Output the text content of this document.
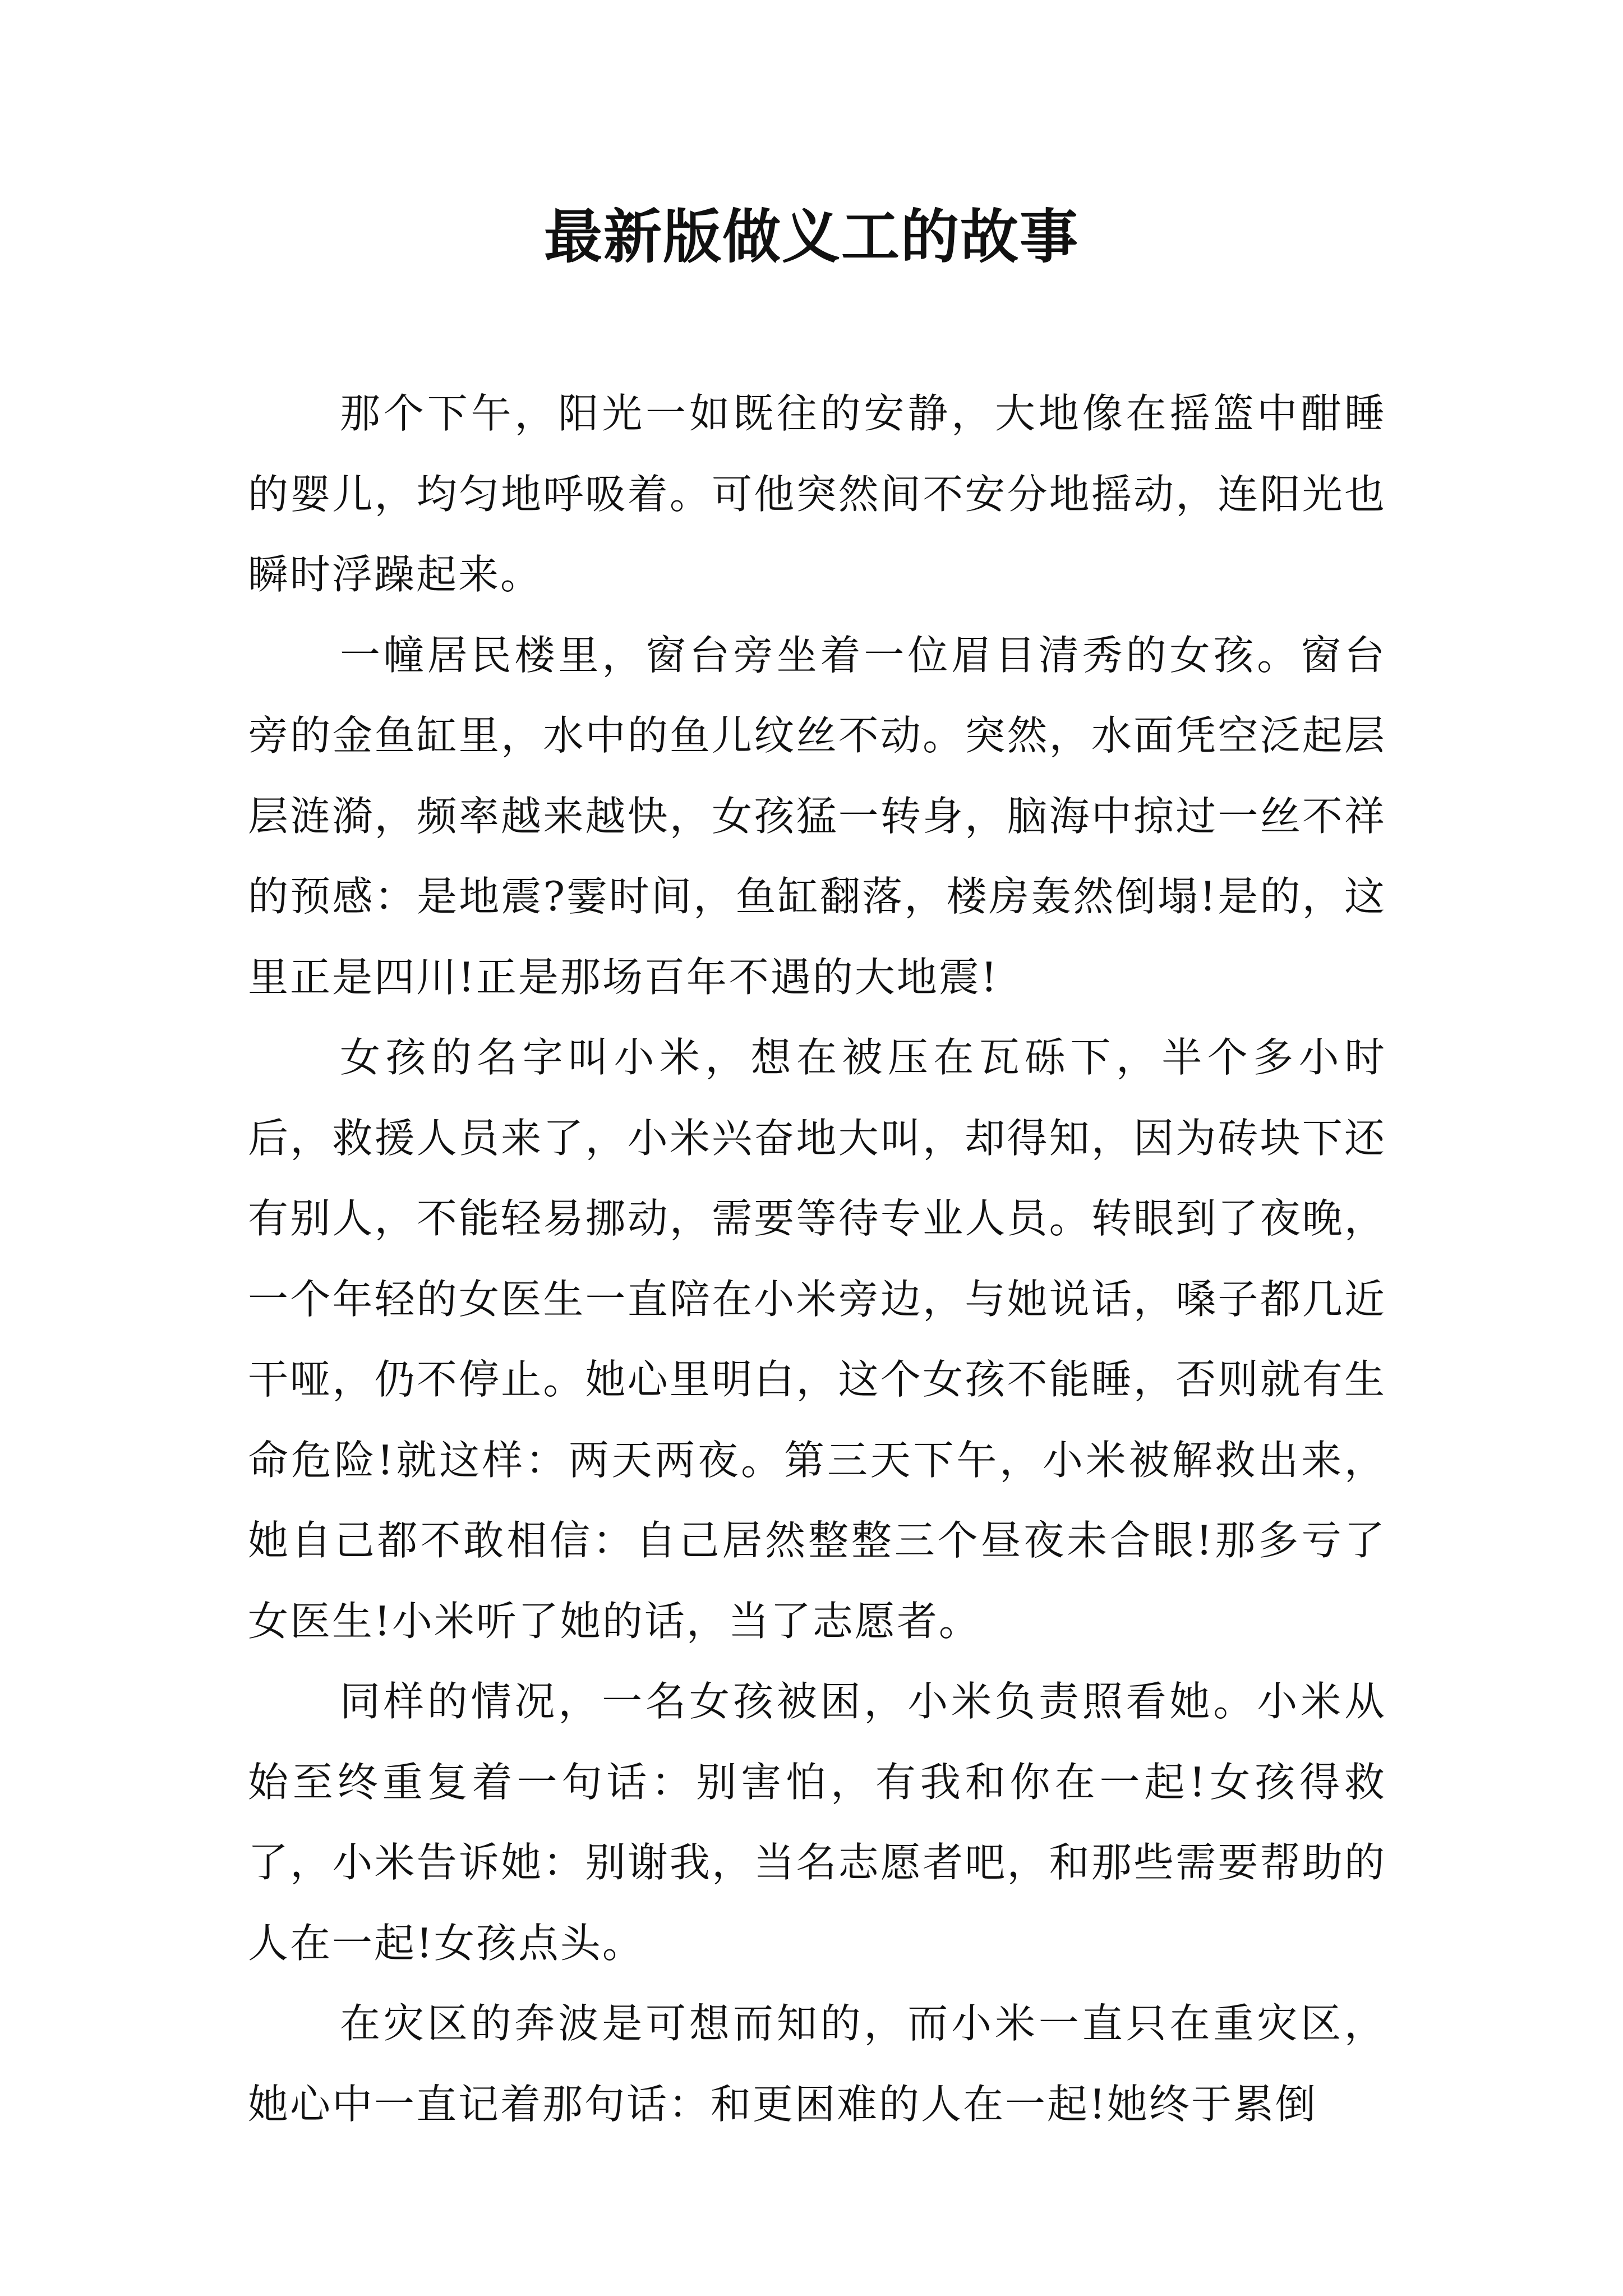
最新版做义工的故事

那个下午，阳光一如既往的安静，大地像在摇篮中酣睡的婴儿，均匀地呼吸着。可他突然间不安分地摇动，连阳光也瞬时浮躁起来。

一幢居民楼里，窗台旁坐着一位眉目清秀的女孩。窗台旁的金鱼缸里，水中的鱼儿纹丝不动。突然，水面凭空泛起层层涟漪，频率越来越快，女孩猛一转身，脑海中掠过一丝不祥的预感：是地震?霎时间，鱼缸翻落，楼房轰然倒塌!是的，这里正是四川!正是那场百年不遇的大地震!

女孩的名字叫小米，想在被压在瓦砾下，半个多小时后，救援人员来了，小米兴奋地大叫，却得知，因为砖块下还有别人，不能轻易挪动，需要等待专业人员。转眼到了夜晚，一个年轻的女医生一直陪在小米旁边，与她说话，嗓子都几近干哑，仍不停止。她心里明白，这个女孩不能睡，否则就有生命危险!就这样：两天两夜。第三天下午，小米被解救出来，她自己都不敢相信：自己居然整整三个昼夜未合眼!那多亏了女医生!小米听了她的话，当了志愿者。

同样的情况，一名女孩被困，小米负责照看她。小米从始至终重复着一句话：别害怕，有我和你在一起!女孩得救了，小米告诉她：别谢我，当名志愿者吧，和那些需要帮助的人在一起!女孩点头。

在灾区的奔波是可想而知的，而小米一直只在重灾区，她心中一直记着那句话：和更困难的人在一起!她终于累倒
